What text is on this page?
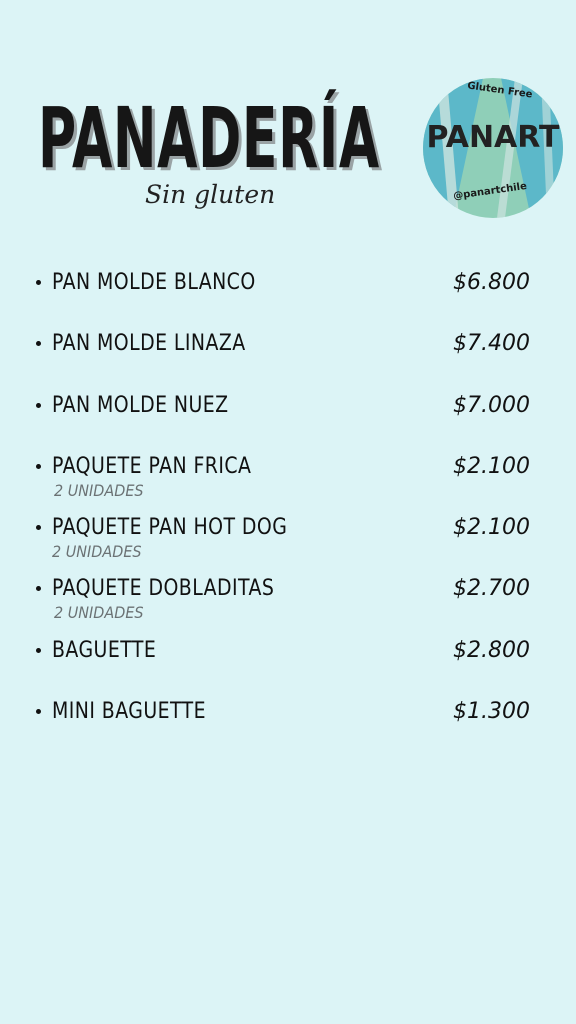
PANADERÍA
Sin gluten
Gluten Free
PANART
@panartchile
PAN MOLDE BLANCO	$6.800
PAN MOLDE LINAZA	$7.400
PAN MOLDE NUEZ	$7.000
PAQUETE PAN FRICA	$2.100
2 UNIDADES
PAQUETE PAN HOT DOG	$2.100
2 UNIDADES
PAQUETE DOBLADITAS	$2.700
2 UNIDADES
BAGUETTE	$2.800
MINI BAGUETTE	$1.300
